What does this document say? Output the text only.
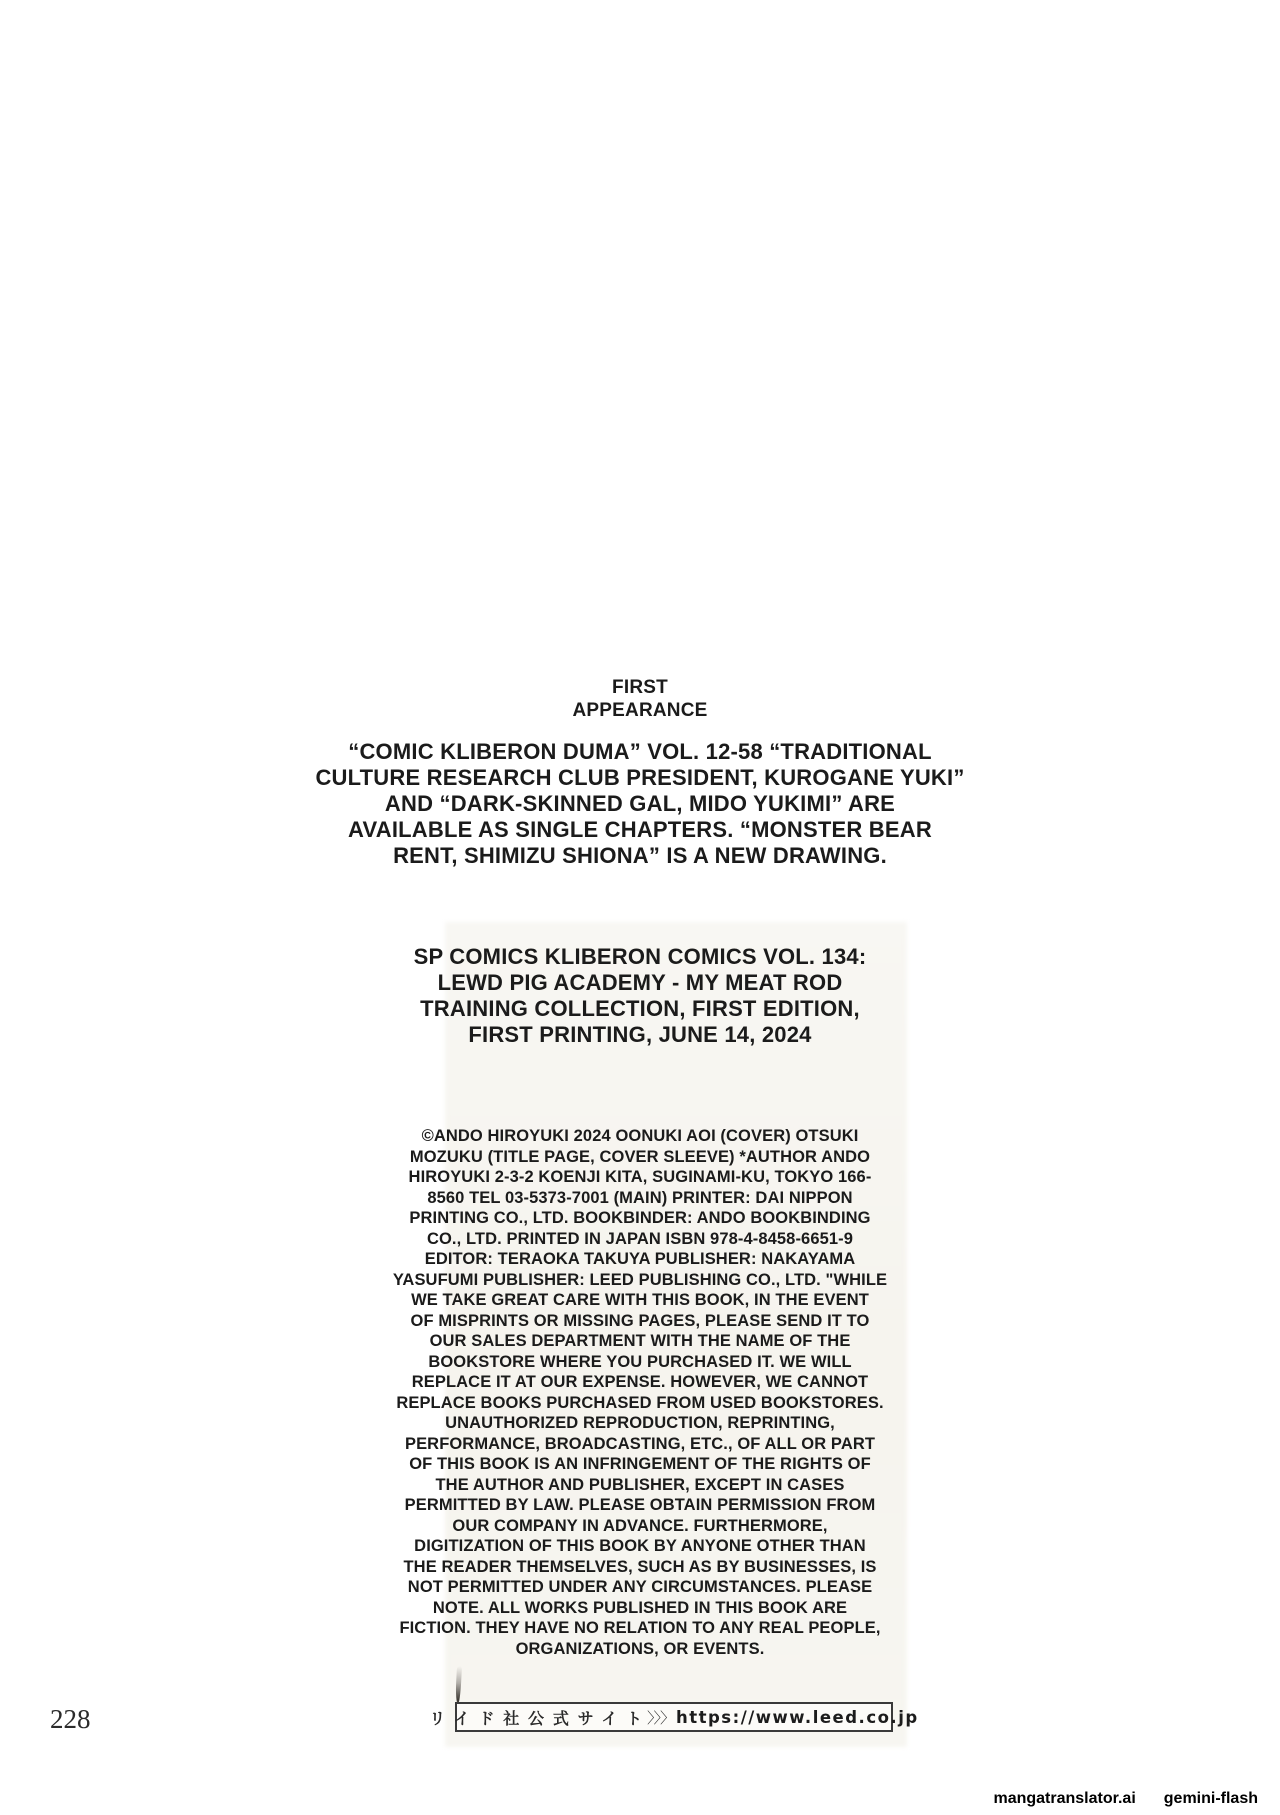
FIRST
APPEARANCE
“COMIC KLIBERON DUMA” VOL. 12-58 “TRADITIONAL
CULTURE RESEARCH CLUB PRESIDENT, KUROGANE YUKI”
AND “DARK-SKINNED GAL, MIDO YUKIMI” ARE
AVAILABLE AS SINGLE CHAPTERS. “MONSTER BEAR
RENT, SHIMIZU SHIONA” IS A NEW DRAWING.
SP COMICS KLIBERON COMICS VOL. 134:
LEWD PIG ACADEMY - MY MEAT ROD
TRAINING COLLECTION, FIRST EDITION,
FIRST PRINTING, JUNE 14, 2024
©ANDO HIROYUKI 2024 OONUKI AOI (COVER) OTSUKI
MOZUKU (TITLE PAGE, COVER SLEEVE) *AUTHOR ANDO
HIROYUKI 2-3-2 KOENJI KITA, SUGINAMI-KU, TOKYO 166-
8560 TEL 03-5373-7001 (MAIN) PRINTER: DAI NIPPON
PRINTING CO., LTD. BOOKBINDER: ANDO BOOKBINDING
CO., LTD. PRINTED IN JAPAN ISBN 978-4-8458-6651-9
EDITOR: TERAOKA TAKUYA PUBLISHER: NAKAYAMA
YASUFUMI PUBLISHER: LEED PUBLISHING CO., LTD. "WHILE
WE TAKE GREAT CARE WITH THIS BOOK, IN THE EVENT
OF MISPRINTS OR MISSING PAGES, PLEASE SEND IT TO
OUR SALES DEPARTMENT WITH THE NAME OF THE
BOOKSTORE WHERE YOU PURCHASED IT. WE WILL
REPLACE IT AT OUR EXPENSE. HOWEVER, WE CANNOT
REPLACE BOOKS PURCHASED FROM USED BOOKSTORES.
UNAUTHORIZED REPRODUCTION, REPRINTING,
PERFORMANCE, BROADCASTING, ETC., OF ALL OR PART
OF THIS BOOK IS AN INFRINGEMENT OF THE RIGHTS OF
THE AUTHOR AND PUBLISHER, EXCEPT IN CASES
PERMITTED BY LAW. PLEASE OBTAIN PERMISSION FROM
OUR COMPANY IN ADVANCE. FURTHERMORE,
DIGITIZATION OF THIS BOOK BY ANYONE OTHER THAN
THE READER THEMSELVES, SUCH AS BY BUSINESSES, IS
NOT PERMITTED UNDER ANY CIRCUMSTANCES. PLEASE
NOTE. ALL WORKS PUBLISHED IN THIS BOOK ARE
FICTION. THEY HAVE NO RELATION TO ANY REAL PEOPLE,
ORGANIZATIONS, OR EVENTS.
リイド社公式サイト
〉〉〉 https://www.leed.co.jp
228
mangatranslator.ai gemini-flash
